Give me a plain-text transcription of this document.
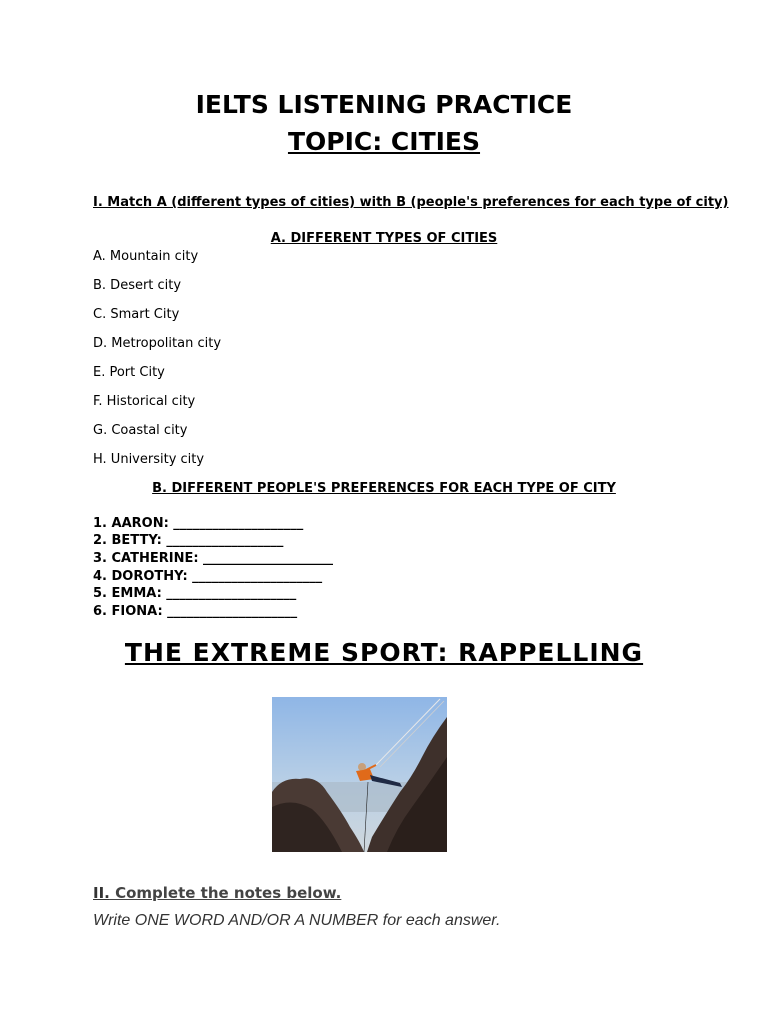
IELTS LISTENING PRACTICE
TOPIC: CITIES
I. Match A (different types of cities) with B (people's preferences for each type of city)
A. DIFFERENT TYPES OF CITIES
A. Mountain city
B. Desert city
C. Smart City
D. Metropolitan city
E. Port City
F. Historical city
G. Coastal city
H. University city
B. DIFFERENT PEOPLE'S PREFERENCES FOR EACH TYPE OF CITY
1. AARON: ____________________
2. BETTY: __________________
3. CATHERINE: ____________________
4. DOROTHY: ____________________
5. EMMA: ____________________
6. FIONA: ____________________
THE EXTREME SPORT: RAPPELLING
II. Complete the notes below.
Write ONE WORD AND/OR A NUMBER for each answer.
